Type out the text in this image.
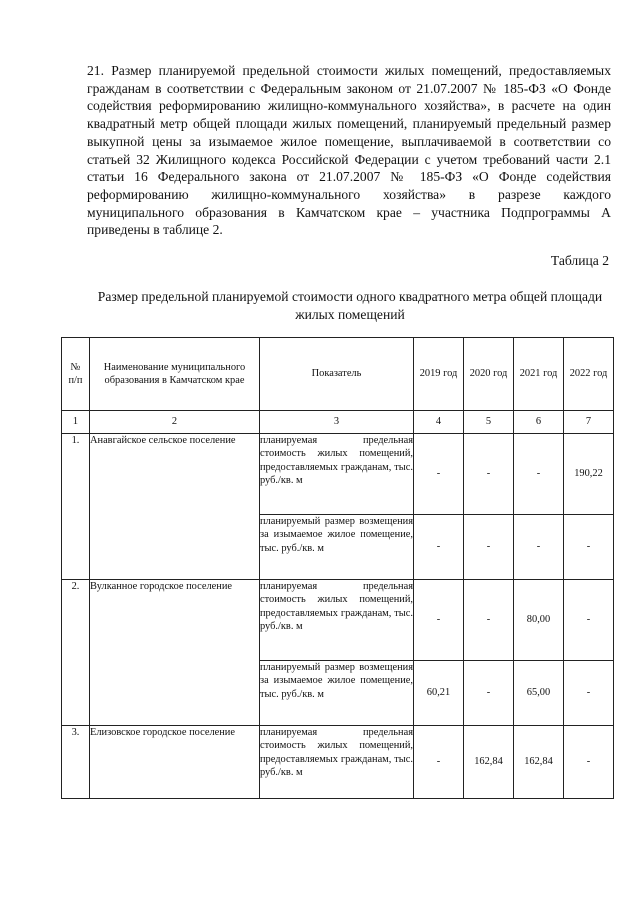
21. Размер планируемой предельной стоимости жилых помещений, предоставляемых гражданам в соответствии с Федеральным законом от 21.07.2007 № 185-ФЗ «О Фонде содействия реформированию жилищно-коммунального хозяйства», в расчете на один квадратный метр общей площади жилых помещений, планируемый предельный размер выкупной цены за изымаемое жилое помещение, выплачиваемой в соответствии со статьей 32 Жилищного кодекса Российской Федерации с учетом требований части 2.1 статьи 16 Федерального закона от 21.07.2007 № 185-ФЗ «О Фонде содействия реформированию жилищно-коммунального хозяйства» в разрезе каждого муниципального образования в Камчатском крае – участника Подпрограммы А приведены в таблице 2.

Таблица 2

Размер предельной планируемой стоимости одного квадратного метра общей площади жилых помещений

№ п/п	Наименование муниципального образования в Камчатском крае	Показатель	2019 год	2020 год	2021 год	2022 год

1	2	3	4	5	6	7
1.	Анавгайское сельское поселение	планируемая предельная стоимость жилых помещений, предоставляемых гражданам, тыс. руб./кв. м	-	-	-	190,22
		планируемый размер возмещения за изымаемое жилое помещение, тыс. руб./кв. м	-	-	-	-
2.	Вулканное городское поселение	планируемая предельная стоимость жилых помещений, предоставляемых гражданам, тыс. руб./кв. м	-	-	80,00	-
		планируемый размер возмещения за изымаемое жилое помещение, тыс. руб./кв. м	60,21	-	65,00	-
3.	Елизовское городское поселение	планируемая предельная стоимость жилых помещений, предоставляемых гражданам, тыс. руб./кв. м	-	162,84	162,84	-
